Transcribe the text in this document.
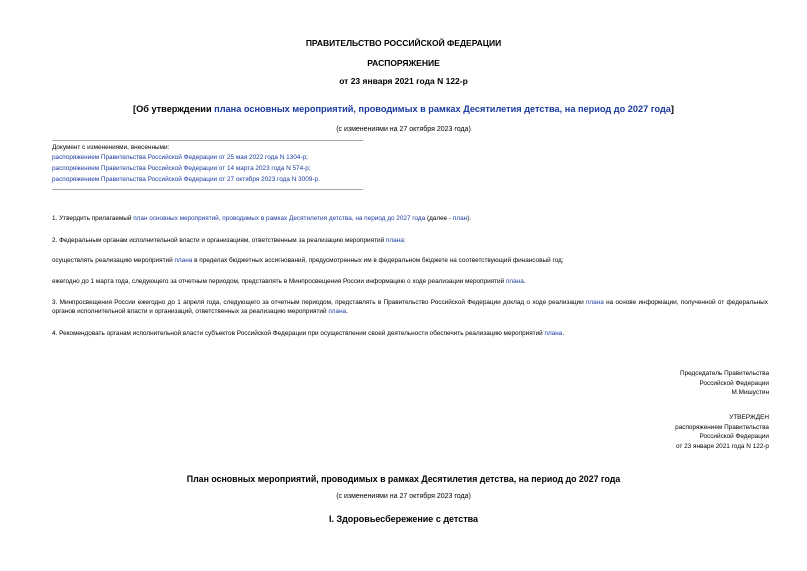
ПРАВИТЕЛЬСТВО РОССИЙСКОЙ ФЕДЕРАЦИИ
РАСПОРЯЖЕНИЕ
от 23 января 2021 года N 122-р
[Об утверждении плана основных мероприятий, проводимых в рамках Десятилетия детства, на период до 2027 года]
(с изменениями на 27 октября 2023 года)
Документ с изменениями, внесенными:
распоряжением Правительства Российской Федерации от 25 мая 2022 года N 1304-р;
распоряжением Правительства Российской Федерации от 14 марта 2023 года N 574-р;
распоряжением Правительства Российской Федерации от 27 октября 2023 года N 3009-р.
1. Утвердить прилагаемый план основных мероприятий, проводимых в рамках Десятилетия детства, на период до 2027 года (далее - план).
2. Федеральным органам исполнительной власти и организациям, ответственным за реализацию мероприятий плана:
осуществлять реализацию мероприятий плана в пределах бюджетных ассигнований, предусмотренных им в федеральном бюджете на соответствующий финансовый год;
ежегодно до 1 марта года, следующего за отчетным периодом, представлять в Минпросвещения России информацию о ходе реализации мероприятий плана.
3. Минпросвещения России ежегодно до 1 апреля года, следующего за отчетным периодом, представлять в Правительство Российской Федерации доклад о ходе реализации плана на основе информации, полученной от федеральных органов исполнительной власти и организаций, ответственных за реализацию мероприятий плана.
4. Рекомендовать органам исполнительной власти субъектов Российской Федерации при осуществлении своей деятельности обеспечить реализацию мероприятий плана.
Председатель Правительства
Российской Федерации
М.Мишустин
УТВЕРЖДЕН
распоряжением Правительства
Российской Федерации
от 23 января 2021 года N 122-р
План основных мероприятий, проводимых в рамках Десятилетия детства, на период до 2027 года
(с изменениями на 27 октября 2023 года)
I. Здоровьесбережение с детства
